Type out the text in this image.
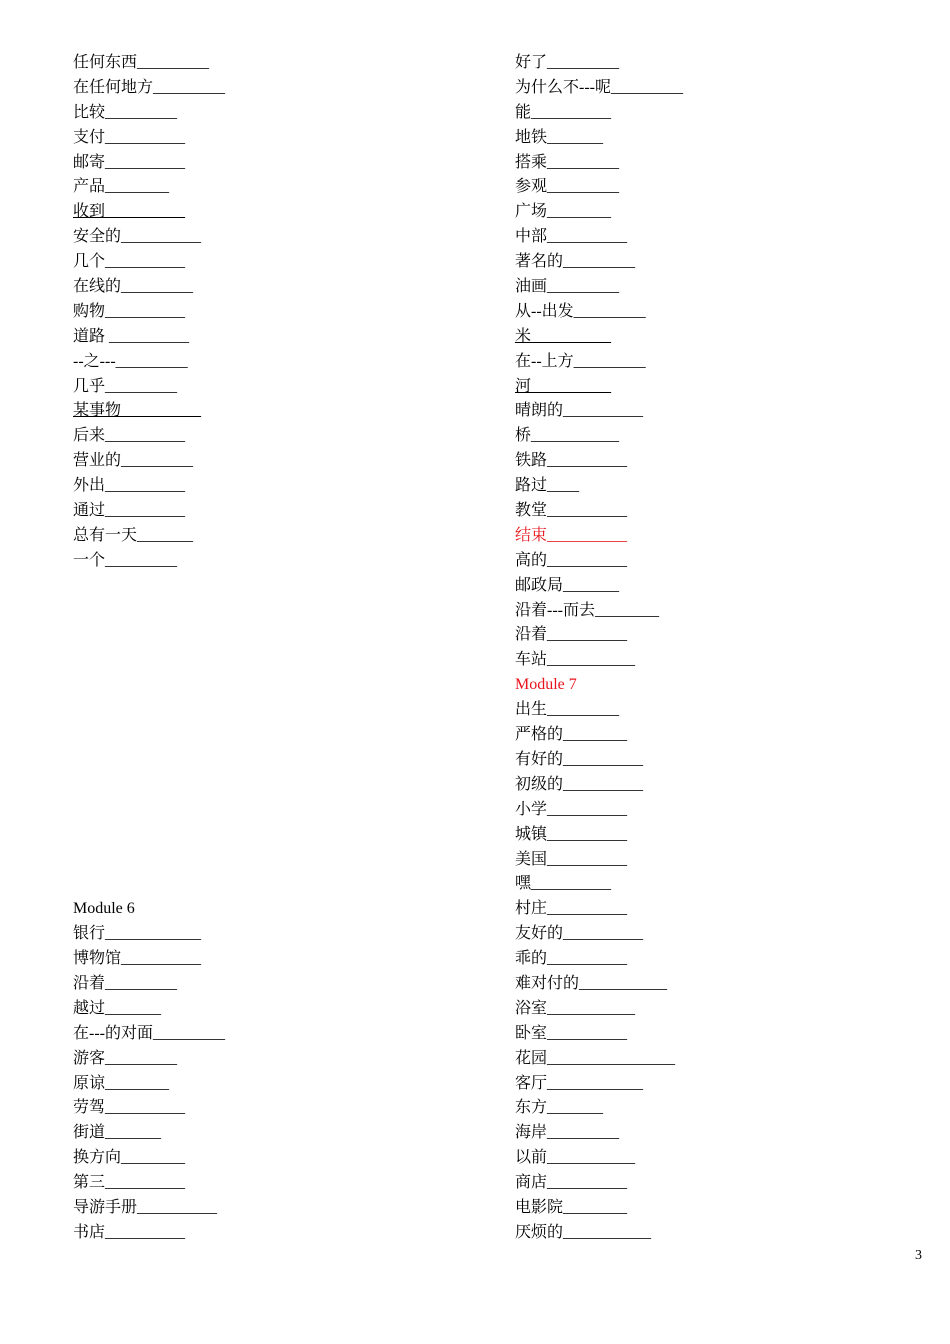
任何东西_________
在任何地方_________
比较_________
支付__________
邮寄__________
产品________
收到__________
安全的__________
几个__________
在线的_________
购物__________
道路 __________
--之---_________
几乎_________
某事物__________
后来__________
营业的_________
外出__________
通过__________
总有一天_______
一个_________
Module 6
银行____________
博物馆__________
沿着_________
越过_______
在---的对面_________
游客_________
原谅________
劳驾__________
街道_______
换方向________
第三__________
导游手册__________
书店__________
好了_________
为什么不---呢_________
能__________
地铁_______
搭乘_________
参观_________
广场________
中部__________
著名的_________
油画_________
从--出发_________
米__________
在--上方_________
河__________
晴朗的__________
桥___________
铁路__________
路过____
教堂__________
结束__________
高的__________
邮政局_______
沿着---而去________
沿着__________
车站___________
Module 7
出生_________
严格的________
有好的__________
初级的__________
小学__________
城镇__________
美国__________
嘿__________
村庄__________
友好的__________
乖的__________
难对付的___________
浴室___________
卧室__________
花园________________
客厅____________
东方_______
海岸_________
以前___________
商店__________
电影院________
厌烦的___________
3
